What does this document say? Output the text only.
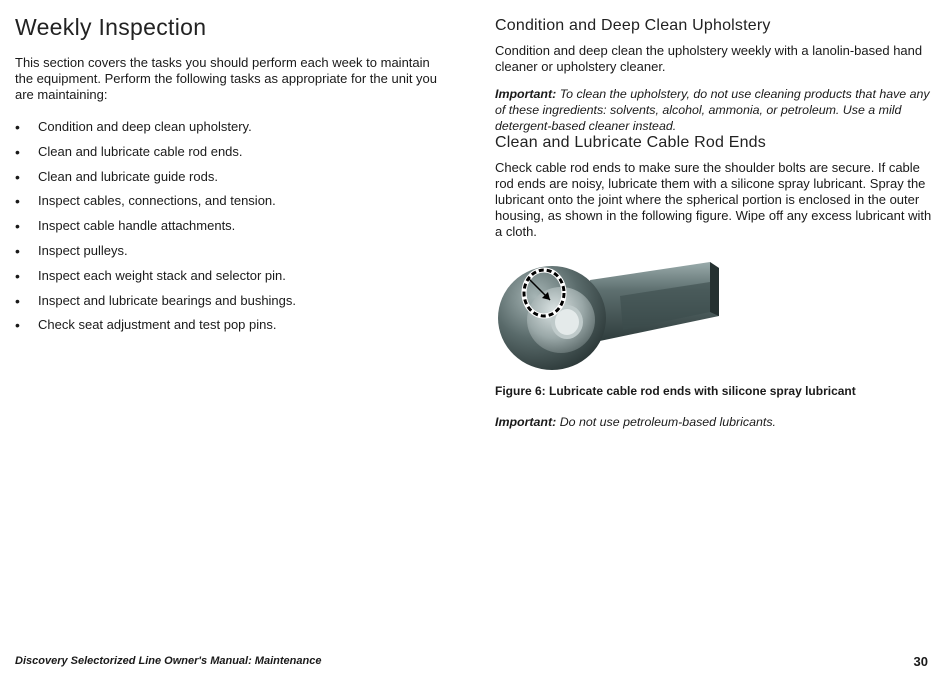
Weekly Inspection

This section covers the tasks you should perform each week to maintain the equipment. Perform the following tasks as appropriate for the unit you are maintaining:

• Condition and deep clean upholstery.
• Clean and lubricate cable rod ends.
• Clean and lubricate guide rods.
• Inspect cables, connections, and tension.
• Inspect cable handle attachments.
• Inspect pulleys.
• Inspect each weight stack and selector pin.
• Inspect and lubricate bearings and bushings.
• Check seat adjustment and test pop pins.
Condition and Deep Clean Upholstery

Condition and deep clean the upholstery weekly with a lanolin-based hand cleaner or upholstery cleaner.

Important: To clean the upholstery, do not use cleaning products that have any of these ingredients: solvents, alcohol, ammonia, or petroleum. Use a mild detergent-based cleaner instead.

Clean and Lubricate Cable Rod Ends

Check cable rod ends to make sure the shoulder bolts are secure. If cable rod ends are noisy, lubricate them with a silicone spray lubricant. Spray the lubricant onto the joint where the spherical portion is enclosed in the outer housing, as shown in the following figure. Wipe off any excess lubricant with a cloth.

Figure 6: Lubricate cable rod ends with silicone spray lubricant

Important: Do not use petroleum-based lubricants.

Discovery Selectorized Line Owner's Manual: Maintenance	30
